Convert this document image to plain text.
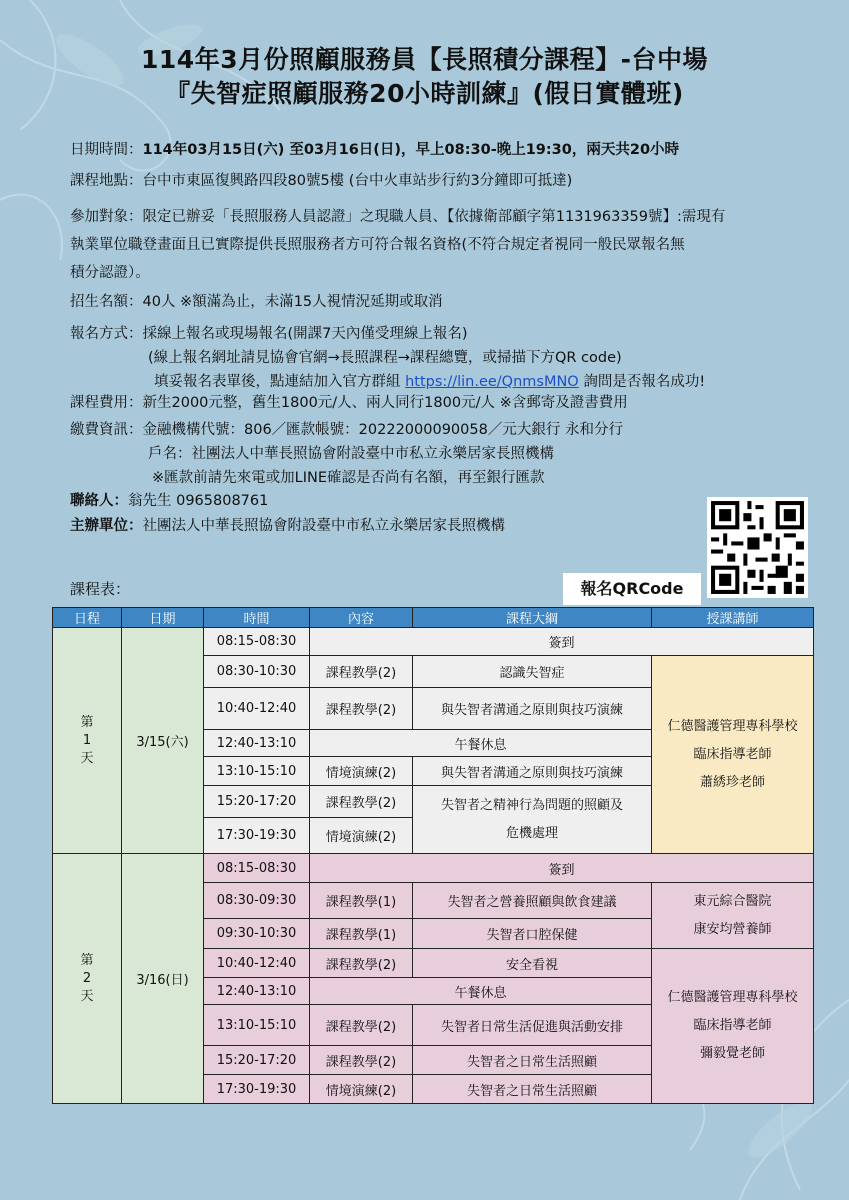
114年3月份照顧服務員【長照積分課程】-台中場
『失智症照顧服務20小時訓練』(假日實體班)
日期時間：114年03月15日(六) 至03月16日(日)，早上08:30-晚上19:30，兩天共20小時
課程地點：台中市東區復興路四段80號5樓 (台中火車站步行約3分鐘即可抵達)
參加對象：限定已辦妥「長照服務人員認證」之現職人員、【依據衛部顧字第1131963359號】:需現有
執業單位職登畫面且已實際提供長照服務者方可符合報名資格(不符合規定者視同一般民眾報名無
積分認證）。
招生名額：40人 ※額滿為止，未滿15人視情況延期或取消
報名方式：採線上報名或現場報名(開課7天內僅受理線上報名)
(線上報名網址請見協會官網→長照課程→課程總覽，或掃描下方QR code)
填妥報名表單後，點連結加入官方群組 https://lin.ee/QnmsMNO 詢問是否報名成功!
課程費用：新生2000元整，舊生1800元/人、兩人同行1800元/人 ※含郵寄及證書費用
繳費資訊：金融機構代號：806／匯款帳號：20222000090058／元大銀行 永和分行
戶名：社團法人中華長照協會附設臺中市私立永樂居家長照機構
※匯款前請先來電或加LINE確認是否尚有名額，再至銀行匯款
聯絡人：翁先生 0965808761
主辦單位：社團法人中華長照協會附設臺中市私立永樂居家長照機構
報名QRCode
課程表：
日程	日期	時間	內容	課程大綱	授課講師

第
1
天	3/15(六)	08:15-08:30	簽到		
		08:30-10:30	課程教學(2)	認識失智症	仁德醫護管理專科學校
臨床指導老師
蕭綉珍老師

		10:40-12:40	課程教學(2)	與失智者溝通之原則與技巧演練	
		12:40-13:10	午餐休息		
		13:10-15:10	情境演練(2)	與失智者溝通之原則與技巧演練	
		15:20-17:20	課程教學(2)	失智者之精神行為問題的照顧及
危機處理	

		17:30-19:30	情境演練(2)		

第
2
天	3/16(日)	08:15-08:30	簽到		
		08:30-09:30	課程教學(1)	失智者之營養照顧與飲食建議	東元綜合醫院
康安均營養師

		09:30-10:30	課程教學(1)	失智者口腔保健	
		10:40-12:40	課程教學(2)	安全看視	仁德醫護管理專科學校
臨床指導老師
彌毅覺老師

		12:40-13:10	午餐休息		
		13:10-15:10	課程教學(2)	失智者日常生活促進與活動安排	
		15:20-17:20	課程教學(2)	失智者之日常生活照顧	
		17:30-19:30	情境演練(2)	失智者之日常生活照顧	
